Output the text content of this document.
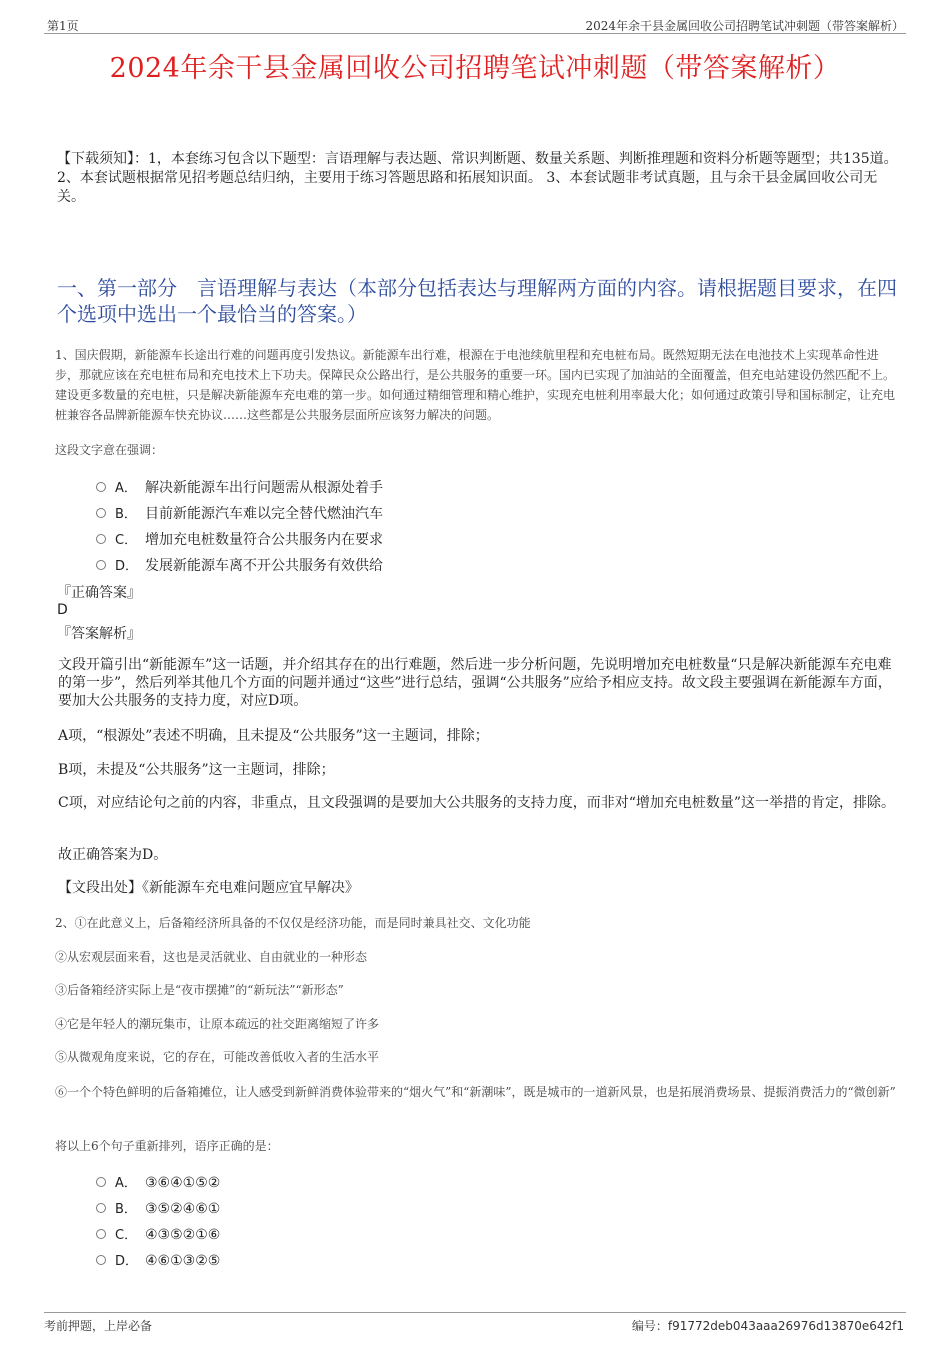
第1页	2024年余干县金属回收公司招聘笔试冲刺题（带答案解析）
2024年余干县金属回收公司招聘笔试冲刺题（带答案解析）
【下载须知】：1，本套练习包含以下题型：言语理解与表达题、常识判断题、数量关系题、判断推理题和资料分析题等题型；共135道。 2、本套试题根据常见招考题总结归纳，主要用于练习答题思路和拓展知识面。 3、本套试题非考试真题，且与余干县金属回收公司无关。
一、第一部分　言语理解与表达（本部分包括表达与理解两方面的内容。请根据题目要求，在四个选项中选出一个最恰当的答案。）
1、国庆假期，新能源车长途出行难的问题再度引发热议。新能源车出行难，根源在于电池续航里程和充电桩布局。既然短期无法在电池技术上实现革命性进步，那就应该在充电桩布局和充电技术上下功夫。保障民众公路出行，是公共服务的重要一环。国内已实现了加油站的全面覆盖，但充电站建设仍然匹配不上。建设更多数量的充电桩，只是解决新能源车充电难的第一步。如何通过精细管理和精心维护，实现充电桩利用率最大化；如何通过政策引导和国标制定，让充电桩兼容各品牌新能源车快充协议……这些都是公共服务层面所应该努力解决的问题。
这段文字意在强调：
A． 解决新能源车出行问题需从根源处着手
B． 目前新能源汽车难以完全替代燃油汽车
C． 增加充电桩数量符合公共服务内在要求
D． 发展新能源车离不开公共服务有效供给
『正确答案』
D
『答案解析』
文段开篇引出“新能源车”这一话题，并介绍其存在的出行难题，然后进一步分析问题，先说明增加充电桩数量“只是解决新能源车充电难的第一步”，然后列举其他几个方面的问题并通过“这些”进行总结，强调“公共服务”应给予相应支持。故文段主要强调在新能源车方面，要加大公共服务的支持力度，对应D项。
A项，“根源处”表述不明确，且未提及“公共服务”这一主题词，排除；
B项，未提及“公共服务”这一主题词，排除；
C项，对应结论句之前的内容，非重点，且文段强调的是要加大公共服务的支持力度，而非对“增加充电桩数量”这一举措的肯定，排除。
故正确答案为D。
【文段出处】《新能源车充电难问题应宜早解决》
2、①在此意义上，后备箱经济所具备的不仅仅是经济功能，而是同时兼具社交、文化功能
②从宏观层面来看，这也是灵活就业、自由就业的一种形态
③后备箱经济实际上是“夜市摆摊”的“新玩法”“新形态”
④它是年轻人的潮玩集市，让原本疏远的社交距离缩短了许多
⑤从微观角度来说，它的存在，可能改善低收入者的生活水平
⑥一个个特色鲜明的后备箱摊位，让人感受到新鲜消费体验带来的“烟火气”和“新潮味”，既是城市的一道新风景，也是拓展消费场景、提振消费活力的“微创新”
将以上6个句子重新排列，语序正确的是：
A． ③⑥④①⑤②
B． ③⑤②④⑥①
C． ④③⑤②①⑥
D． ④⑥①③②⑤
考前押题，上岸必备	编号：f91772deb043aaa26976d13870e642f1
